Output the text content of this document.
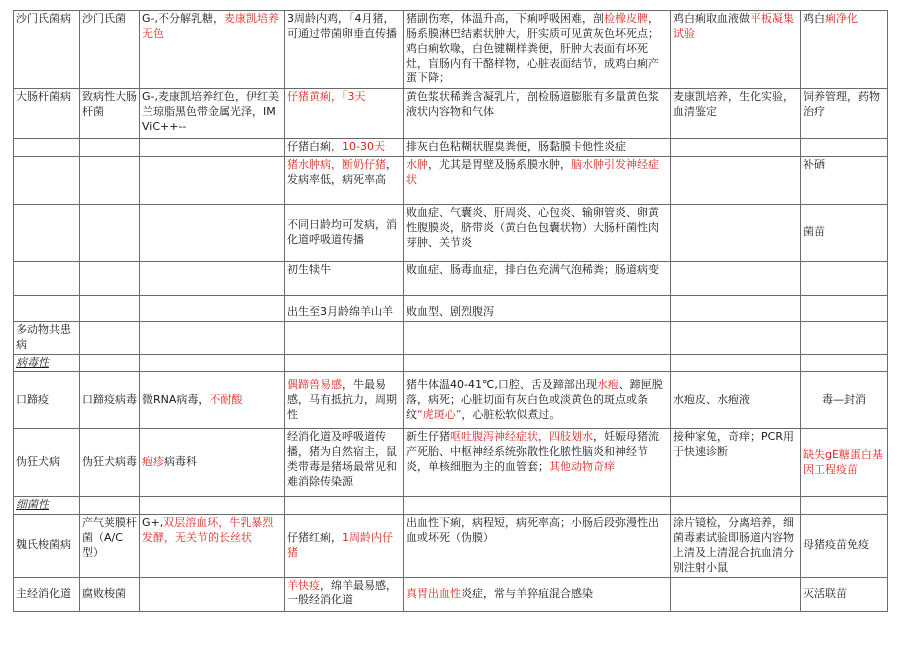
沙门氏菌病	沙门氏菌	G-,不分解乳糖，麦康凯培养无色	3周龄内鸡，「4月猪，可通过带菌卵垂直传播	猪副伤寒，体温升高，下痢呼吸困难，剖检橡皮脾，肠系膜淋巴结素状肿大，肝实质可见黄灰色坏死点； 鸡白痢软喙，白色键糊样粪便，肝肿大表面有坏死灶，盲肠内有干酪样物，心脏表面结节，成鸡白痢产蛋下降；	鸡白痢取血液做平板凝集试验	鸡白痢净化
大肠杆菌病	致病性大肠杆菌	G-,麦康凯培养红色，伊红美兰琼脂黑色带金属光泽，IMViC++--	仔猪黄痢，「3天	黄色浆状稀粪含凝乳片，剖检肠道膨胀有多量黄色浆液状内容物和气体	麦康凯培养，生化实验，血清鉴定	饲养管理，药物治疗
			仔猪白痢，10-30天	排灰白色粘糊状腥臭粪便，肠黏膜卡他性炎症		
			猪水肿病，断奶仔猪，发病率低，病死率高	水肿，尤其是胃壁及肠系膜水肿，脑水肿引发神经症状		补硒
			不同日龄均可发病，消化道呼吸道传播	败血症、气囊炎、肝周炎、心包炎、输卵管炎、卵黄性腹膜炎，脐带炎（黄白色包囊状物）大肠杆菌性肉芽肿、关节炎		菌苗
			初生犊牛	败血症、肠毒血症，排白色充满气泡稀粪；肠道病变		
			出生至3月龄绵羊山羊	败血型、剧烈腹泻		
多动物共患病						
病毒性						
口蹄疫	口蹄疫病毒	微RNA病毒，不耐酸	偶蹄兽易感，牛最易感，马有抵抗力，周期性	猪牛体温40-41℃,口腔、舌及蹄部出现水疱、蹄匣脱落，病死；心脏切面有灰白色或淡黄色的斑点或条纹“虎斑心”，心脏松软似煮过。	水疱皮、水疱液	毒—封消
伪狂犬病	伪狂犬病毒	疱疹病毒科	经消化道及呼吸道传播，猪为自然宿主，鼠类带毒是猪场最常见和难消除传染源	新生仔猪呕吐腹泻神经症状，四肢划水，妊娠母猪流产死胎、中枢神经系统弥散性化脓性脑炎和神经节炎，单核细胞为主的血管套；其他动物奇痒	接种家兔，奇痒；PCR用于快速诊断	缺失gE糖蛋白基因工程疫苗
细菌性						
魏氏梭菌病	产气荚膜杆菌（A/C型）	G+,双层溶血环，牛乳暴烈发酵，无关节的长丝状	仔猪红痢，1周龄内仔猪	出血性下痢，病程短，病死率高；小肠后段弥漫性出血或坏死（伪膜）	涂片镜检，分离培养，细菌毒素试验即肠道内容物上清及上清混合抗血清分别注射小鼠	母猪疫苗免疫
主经消化道	腐败梭菌		羊快疫，绵羊最易感，一般经消化道	真胃出血性炎症，常与羊猝疽混合感染		灭活联苗
